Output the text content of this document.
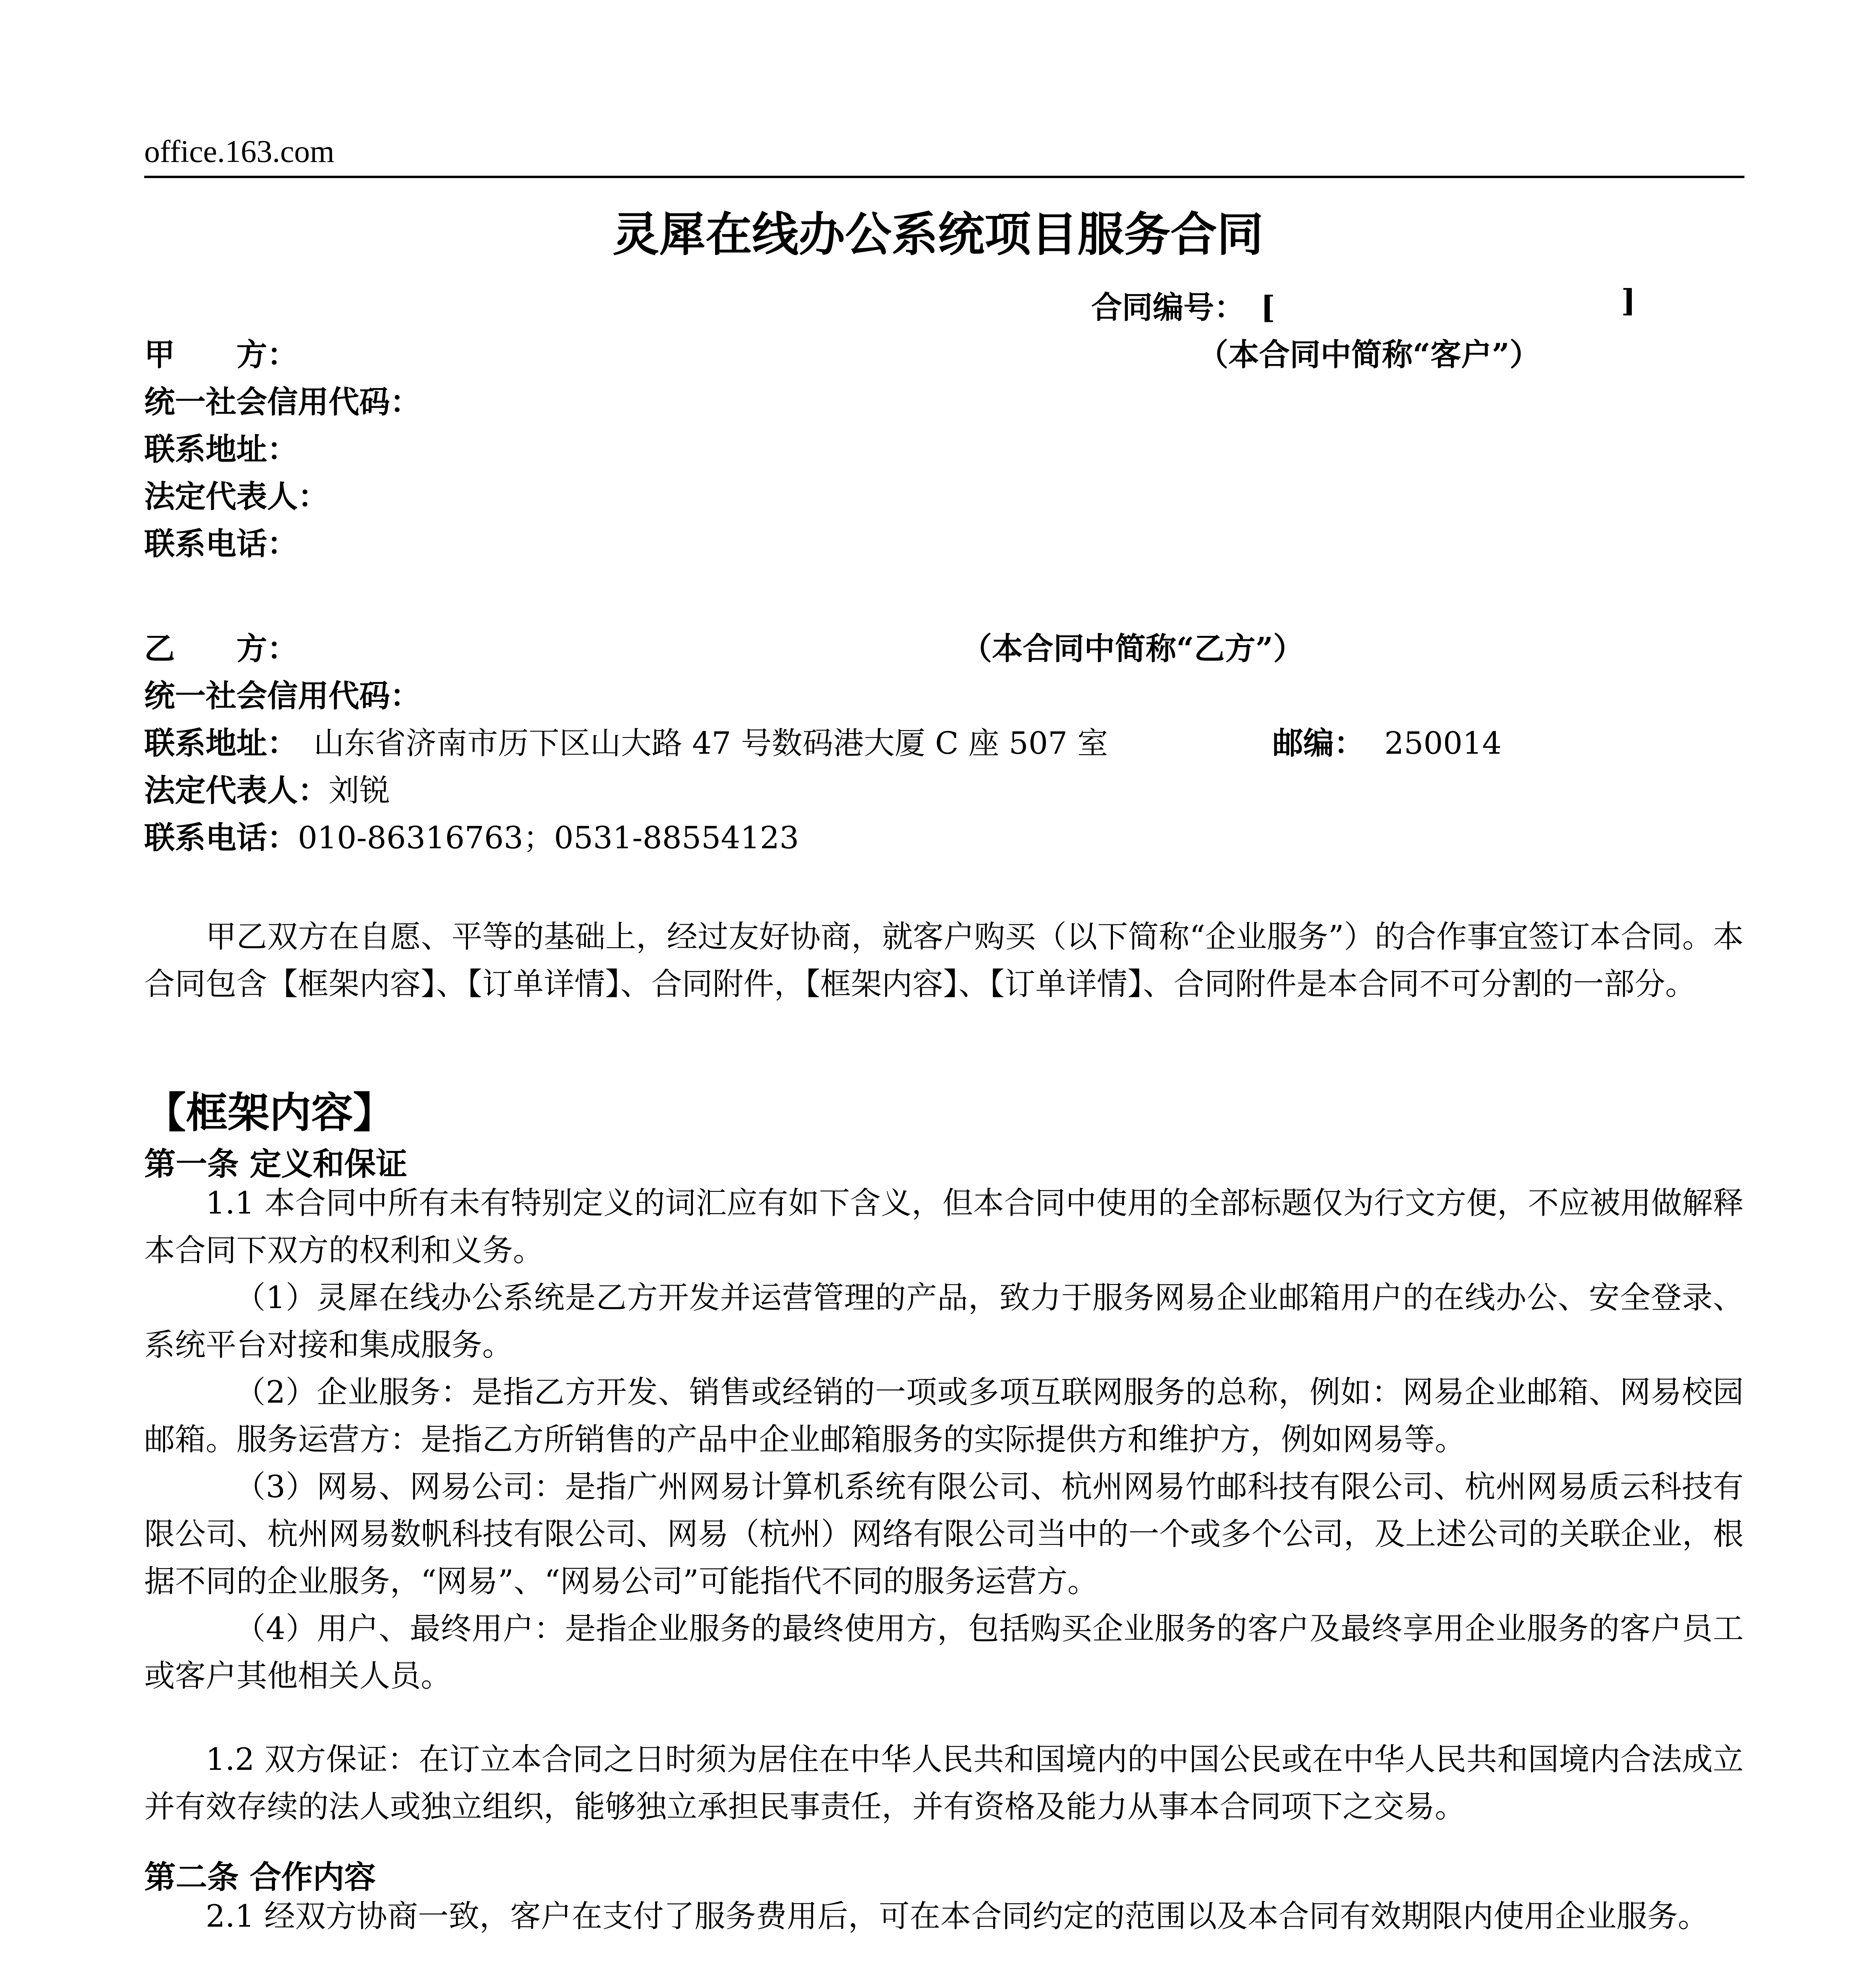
office.163.com
灵犀在线办公系统项目服务合同
合同编号： [	]
甲　　方：	（本合同中简称“客户”）
统一社会信用代码：
联系地址：
法定代表人：
联系电话：
乙　　方：	（本合同中简称“乙方”）
统一社会信用代码：
联系地址： 山东省济南市历下区山大路 47 号数码港大厦 C 座 507 室	邮编： 250014
法定代表人：刘锐
联系电话：010-86316763；0531-88554123
甲乙双方在自愿、平等的基础上，经过友好协商，就客户购买（以下简称“企业服务”）的合作事宜签订本合同。本合同包含【框架内容】、【订单详情】、合同附件，【框架内容】、【订单详情】、合同附件是本合同不可分割的一部分。
【框架内容】
第一条 定义和保证
1.1 本合同中所有未有特别定义的词汇应有如下含义，但本合同中使用的全部标题仅为行文方便，不应被用做解释本合同下双方的权利和义务。
（1）灵犀在线办公系统是乙方开发并运营管理的产品，致力于服务网易企业邮箱用户的在线办公、安全登录、系统平台对接和集成服务。
（2）企业服务：是指乙方开发、销售或经销的一项或多项互联网服务的总称，例如：网易企业邮箱、网易校园邮箱。服务运营方：是指乙方所销售的产品中企业邮箱服务的实际提供方和维护方，例如网易等。
（3）网易、网易公司：是指广州网易计算机系统有限公司、杭州网易竹邮科技有限公司、杭州网易质云科技有限公司、杭州网易数帆科技有限公司、网易（杭州）网络有限公司当中的一个或多个公司，及上述公司的关联企业，根据不同的企业服务，“网易”、“网易公司”可能指代不同的服务运营方。
（4）用户、最终用户：是指企业服务的最终使用方，包括购买企业服务的客户及最终享用企业服务的客户员工或客户其他相关人员。
1.2 双方保证：在订立本合同之日时须为居住在中华人民共和国境内的中国公民或在中华人民共和国境内合法成立并有效存续的法人或独立组织，能够独立承担民事责任，并有资格及能力从事本合同项下之交易。
第二条 合作内容
2.1 经双方协商一致，客户在支付了服务费用后，可在本合同约定的范围以及本合同有效期限内使用企业服务。
